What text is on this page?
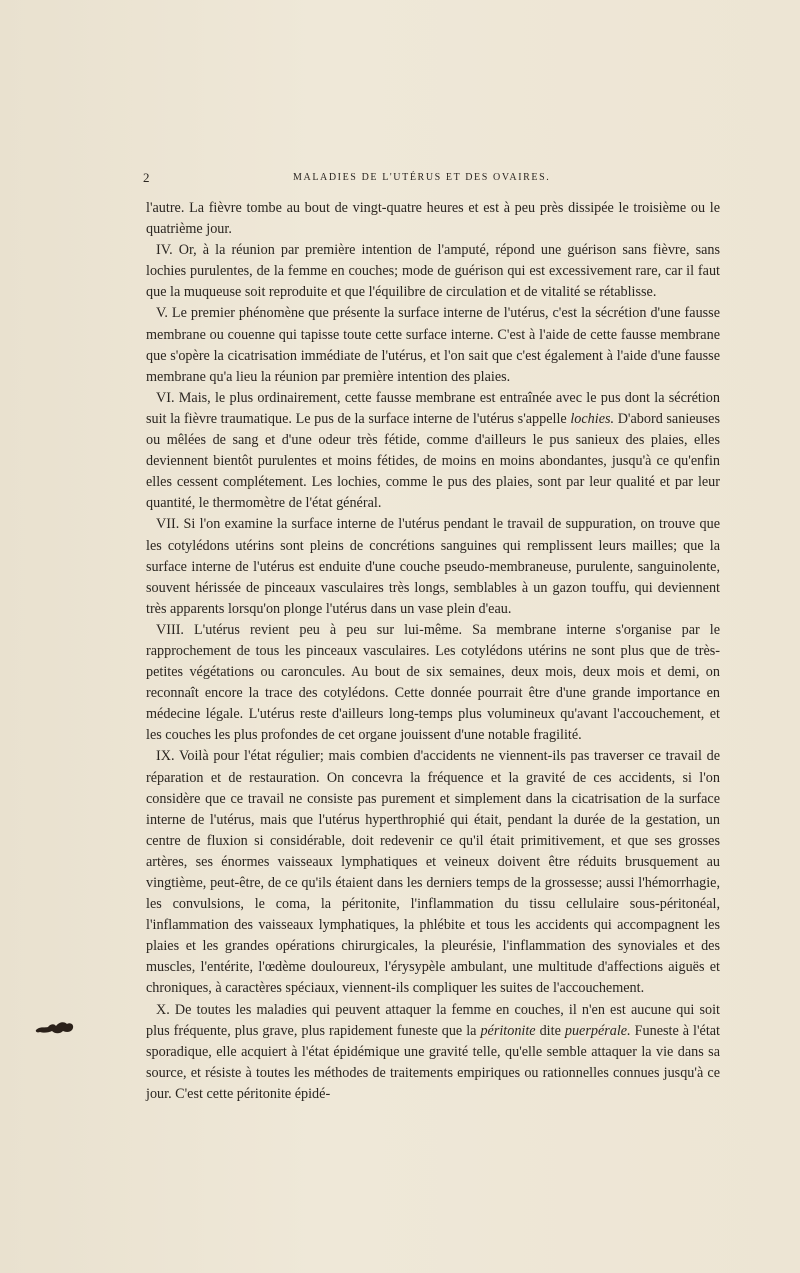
2	MALADIES DE L'UTÉRUS ET DES OVAIRES.

l'autre. La fièvre tombe au bout de vingt-quatre heures et est à peu près dissipée le troisième ou le quatrième jour.

IV. Or, à la réunion par première intention de l'amputé, répond une guérison sans fièvre, sans lochies purulentes, de la femme en couches; mode de guérison qui est excessivement rare, car il faut que la muqueuse soit reproduite et que l'équilibre de circulation et de vitalité se rétablisse.

V. Le premier phénomène que présente la surface interne de l'utérus, c'est la sécrétion d'une fausse membrane ou couenne qui tapisse toute cette surface interne. C'est à l'aide de cette fausse membrane que s'opère la cicatrisation immédiate de l'utérus, et l'on sait que c'est également à l'aide d'une fausse membrane qu'a lieu la réunion par première intention des plaies.

VI. Mais, le plus ordinairement, cette fausse membrane est entraînée avec le pus dont la sécrétion suit la fièvre traumatique. Le pus de la surface interne de l'utérus s'appelle lochies. D'abord sanieuses ou mêlées de sang et d'une odeur très fétide, comme d'ailleurs le pus sanieux des plaies, elles deviennent bientôt purulentes et moins fétides, de moins en moins abondantes, jusqu'à ce qu'enfin elles cessent complétement. Les lochies, comme le pus des plaies, sont par leur qualité et par leur quantité, le thermomètre de l'état général.

VII. Si l'on examine la surface interne de l'utérus pendant le travail de suppuration, on trouve que les cotylédons utérins sont pleins de concrétions sanguines qui remplissent leurs mailles; que la surface interne de l'utérus est enduite d'une couche pseudo-membraneuse, purulente, sanguinolente, souvent hérissée de pinceaux vasculaires très longs, semblables à un gazon touffu, qui deviennent très apparents lorsqu'on plonge l'utérus dans un vase plein d'eau.

VIII. L'utérus revient peu à peu sur lui-même. Sa membrane interne s'organise par le rapprochement de tous les pinceaux vasculaires. Les cotylédons utérins ne sont plus que de très-petites végétations ou caroncules. Au bout de six semaines, deux mois, deux mois et demi, on reconnaît encore la trace des cotylédons. Cette donnée pourrait être d'une grande importance en médecine légale. L'utérus reste d'ailleurs long-temps plus volumineux qu'avant l'accouchement, et les couches les plus profondes de cet organe jouissent d'une notable fragilité.

IX. Voilà pour l'état régulier; mais combien d'accidents ne viennent-ils pas traverser ce travail de réparation et de restauration. On concevra la fréquence et la gravité de ces accidents, si l'on considère que ce travail ne consiste pas purement et simplement dans la cicatrisation de la surface interne de l'utérus, mais que l'utérus hyperthrophié qui était, pendant la durée de la gestation, un centre de fluxion si considérable, doit redevenir ce qu'il était primitivement, et que ses grosses artères, ses énormes vaisseaux lymphatiques et veineux doivent être réduits brusquement au vingtième, peut-être, de ce qu'ils étaient dans les derniers temps de la grossesse; aussi l'hémorrhagie, les convulsions, le coma, la péritonite, l'inflammation du tissu cellulaire sous-péritonéal, l'inflammation des vaisseaux lymphatiques, la phlébite et tous les accidents qui accompagnent les plaies et les grandes opérations chirurgicales, la pleurésie, l'inflammation des synoviales et des muscles, l'entérite, l'œdème douloureux, l'érysypèle ambulant, une multitude d'affections aiguës et chroniques, à caractères spéciaux, viennent-ils compliquer les suites de l'accouchement.

X. De toutes les maladies qui peuvent attaquer la femme en couches, il n'en est aucune qui soit plus fréquente, plus grave, plus rapidement funeste que la péritonite dite puerpérale. Funeste à l'état sporadique, elle acquiert à l'état épidémique une gravité telle, qu'elle semble attaquer la vie dans sa source, et résiste à toutes les méthodes de traitements empiriques ou rationnelles connues jusqu'à ce jour. C'est cette péritonite épidé-
